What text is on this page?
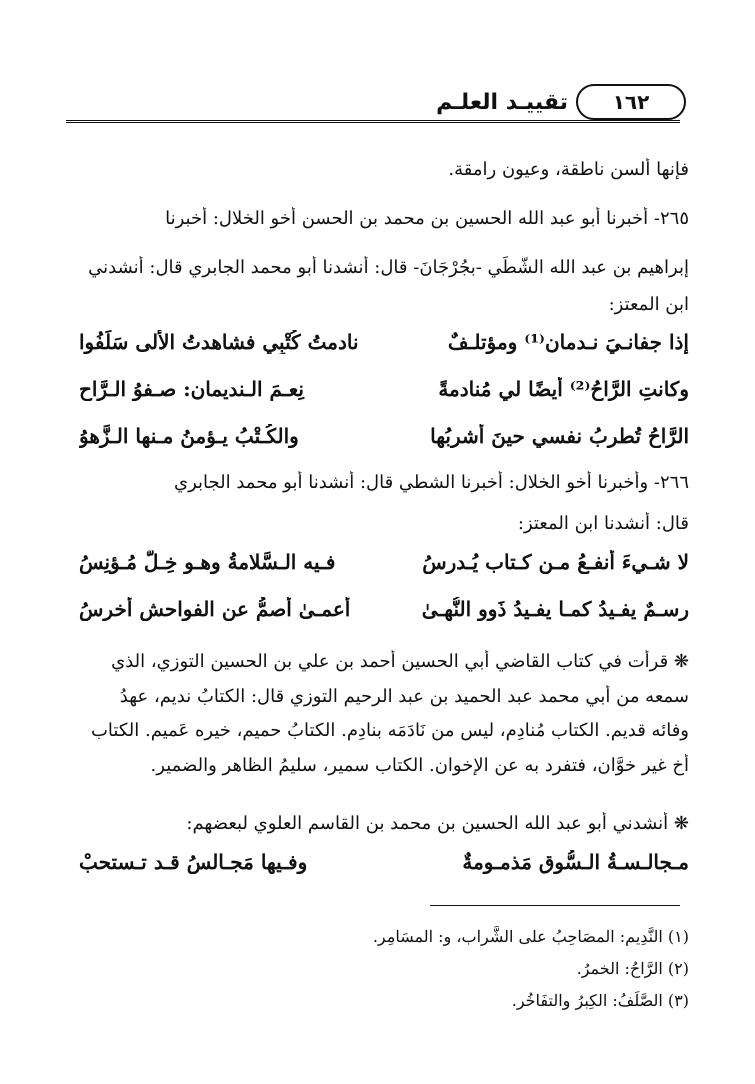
١٦٢
تقييـد العلـم
فإنها ألسن ناطقة، وعيون رامقة.
٢٦٥- أخبرنا أبو عبد الله الحسين بن محمد بن الحسن أخو الخلال: أخبرنا
إبراهيم بن عبد الله الشَّطِّي -بجُرْجَانَ- قال: أنشدنا أبو محمد الجابري قال: أنشدني
ابن المعتز:
إذا جفانـيَ نـدمان⁽¹⁾ ومؤتلـفٌ
نادمتُ كُتْبِي فشاهدتُ الأُلى سَلَفُوا
وكانتِ الرَّاحُ⁽²⁾ أيضًا لي مُنادمةً
نِعـمَ الـنديمان: صـفوُ الـرَّاحِ
الرَّاحُ تُطربُ نفسي حينَ أشربُها
والكُـتْبُ يـؤمنُ مـنها الـزَّهوُ
٢٦٦- وأخبرنا أخو الخلال: أخبرنا الشطي قال: أنشدنا أبو محمد الجابري
قال: أنشدنا ابن المعتز:
لا شـيءَ أنفـعُ مـن كـتاب يُـدرسُ
فـيه الـسَّلامةُ وهـو خِـلٌّ مُـؤنِسُ
رسـمٌ يفـيدُ كمـا يفـيدُ ذَوو النُّهـىٰ
أعمـىٰ أصمُّ عنِ الفواحشِ أخرسُ
❋ قرأت في كتاب القاضي أبي الحسين أحمد بن علي بن الحسين التوزي، الذي
سمعه من أبي محمد عبد الحميد بن عبد الرحيم التوزي قال: الكتابُ نديم، عهدُ
وفائه قديم. الكتاب مُنادِم، ليس من نَادَمَه بنادِم. الكتابُ حميم، خيره عَميم. الكتاب
أخ غير خوَّان، فتفرد به عن الإخوان. الكتاب سمير، سليمُ الظاهر والضمير.
❋ أنشدني أبو عبد الله الحسين بن محمد بن القاسم العلوي لبعضهم:
مـجالـسـةُ الـسُّوق مَذمـومةٌ
وفـيها مَجـالسُ قـد تـستحبْ
(١) النَّدِيم: المصَاحِبُ على الشَّراب، و: المسَامِر.
(٢) الرَّاحُ: الخمرُ.
(٣) الصَّلَفُ: الكِبرُ والتفَاخُر.
